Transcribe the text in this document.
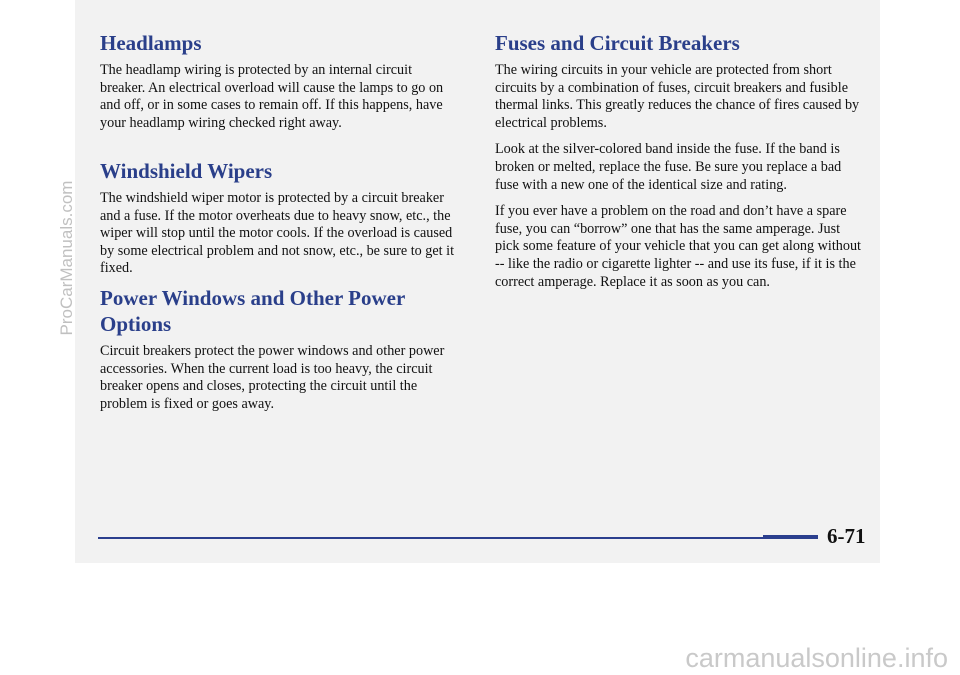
Headlamps

The headlamp wiring is protected by an internal circuit breaker. An electrical overload will cause the lamps to go on and off, or in some cases to remain off. If this happens, have your headlamp wiring checked right away.

Windshield Wipers

The windshield wiper motor is protected by a circuit breaker and a fuse. If the motor overheats due to heavy snow, etc., the wiper will stop until the motor cools. If the overload is caused by some electrical problem and not snow, etc., be sure to get it fixed.

Power Windows and Other Power Options

Circuit breakers protect the power windows and other power accessories. When the current load is too heavy, the circuit breaker opens and closes, protecting the circuit until the problem is fixed or goes away.

Fuses and Circuit Breakers

The wiring circuits in your vehicle are protected from short circuits by a combination of fuses, circuit breakers and fusible thermal links. This greatly reduces the chance of fires caused by electrical problems.

Look at the silver-colored band inside the fuse. If the band is broken or melted, replace the fuse. Be sure you replace a bad fuse with a new one of the identical size and rating.

If you ever have a problem on the road and don’t have a spare fuse, you can “borrow” one that has the same amperage. Just pick some feature of your vehicle that you can get along without -- like the radio or cigarette lighter -- and use its fuse, if it is the correct amperage. Replace it as soon as you can.

6-71
ProCarManuals.com
carmanualsonline.info
